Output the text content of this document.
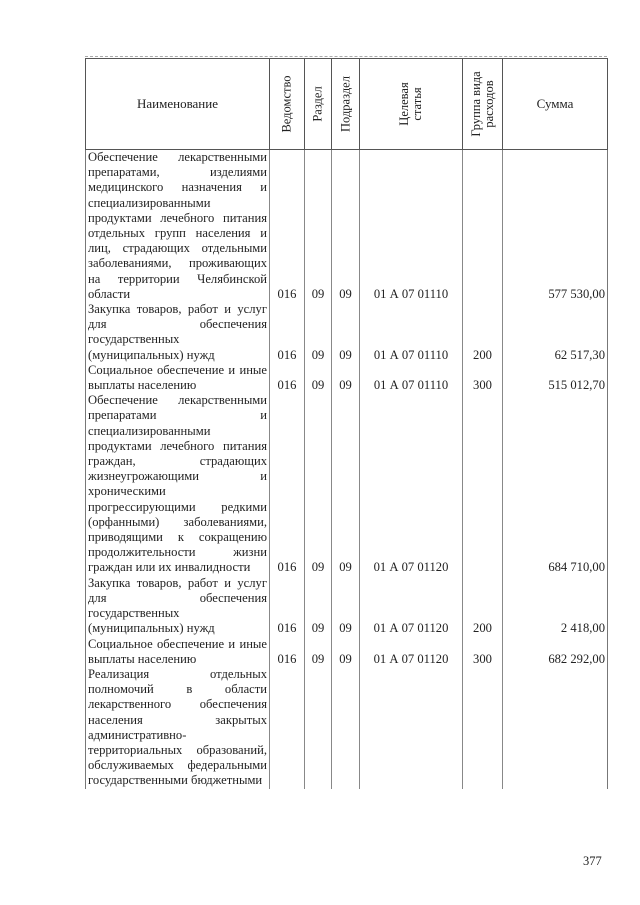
Наименование	Ведомство	Раздел	Подраздел	Целевая
статья	Группа вида
расходов	Сумма
Обеспечение лекарственными препаратами, изделиями медицинского назначения и специализированными продуктами лечебного питания отдельных групп населения и лиц, страдающих отдельными заболеваниями, проживающих на территории Челябинской области	016	09	09	01 А 07 01110		577 530,00
Закупка товаров, работ и услуг для обеспечения государственных (муниципальных) нужд	016	09	09	01 А 07 01110	200	62 517,30
Социальное обеспечение и иные выплаты населению	016	09	09	01 А 07 01110	300	515 012,70
Обеспечение лекарственными препаратами и специализированными продуктами лечебного питания граждан, страдающих жизнеугрожающими и хроническими прогрессирующими редкими (орфанными) заболеваниями, приводящими к сокращению продолжительности жизни граждан или их инвалидности	016	09	09	01 А 07 01120		684 710,00
Закупка товаров, работ и услуг для обеспечения государственных (муниципальных) нужд	016	09	09	01 А 07 01120	200	2 418,00
Социальное обеспечение и иные выплаты населению	016	09	09	01 А 07 01120	300	682 292,00
Реализация отдельных полномочий в области лекарственного обеспечения населения закрытых административно-территориальных образований, обслуживаемых федеральными государственными бюджетными						
377
